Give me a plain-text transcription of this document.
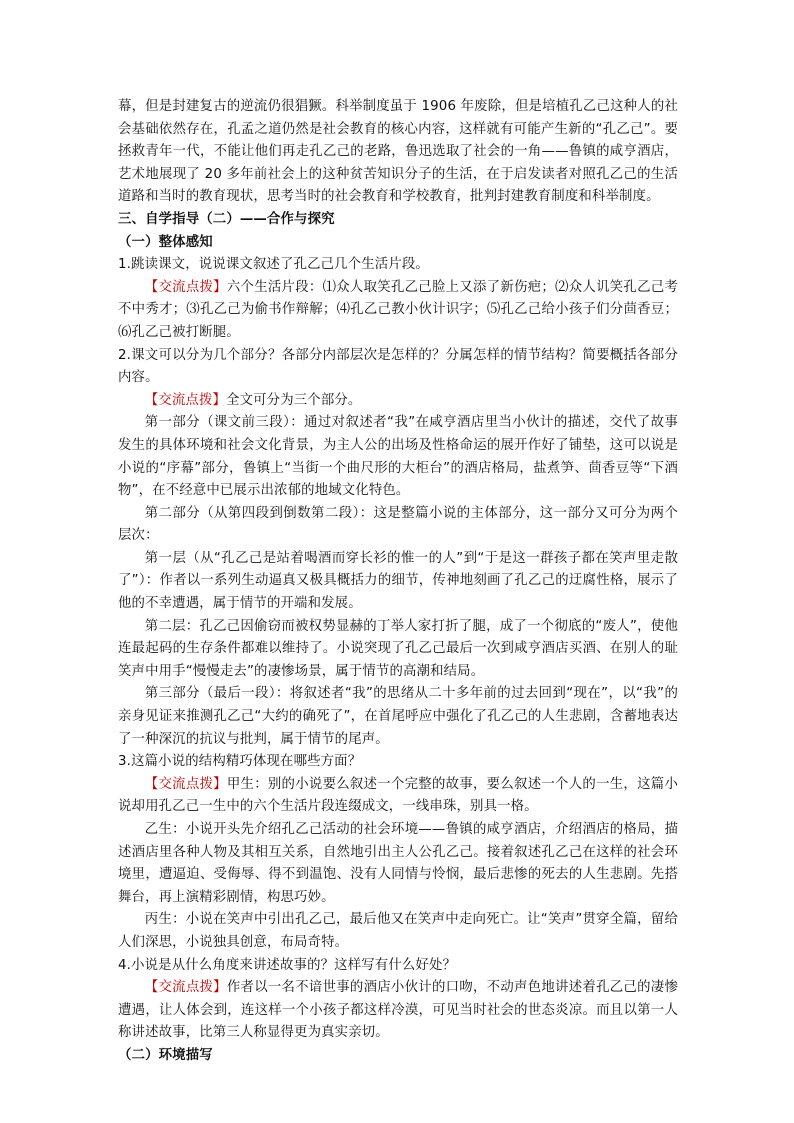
幕，但是封建复古的逆流仍很猖獗。科举制度虽于 1906 年废除，但是培植孔乙己这种人的社会基础依然存在，孔孟之道仍然是社会教育的核心内容，这样就有可能产生新的“孔乙己”。要拯救青年一代，不能让他们再走孔乙己的老路，鲁迅选取了社会的一角——鲁镇的咸亨酒店，艺术地展现了 20 多年前社会上的这种贫苦知识分子的生活，在于启发读者对照孔乙己的生活道路和当时的教育现状，思考当时的社会教育和学校教育，批判封建教育制度和科举制度。

三、自学指导（二）——合作与探究

（一）整体感知

1.跳读课文，说说课文叙述了孔乙己几个生活片段。

【交流点拨】六个生活片段：⑴众人取笑孔乙己脸上又添了新伤疤；⑵众人讥笑孔乙己考不中秀才；⑶孔乙己为偷书作辩解；⑷孔乙己教小伙计识字；⑸孔乙己给小孩子们分茴香豆；⑹孔乙己被打断腿。

2.课文可以分为几个部分？各部分内部层次是怎样的？分属怎样的情节结构？简要概括各部分内容。

【交流点拨】全文可分为三个部分。

第一部分（课文前三段）：通过对叙述者“我”在咸亨酒店里当小伙计的描述，交代了故事发生的具体环境和社会文化背景，为主人公的出场及性格命运的展开作好了铺垫，这可以说是小说的“序幕”部分，鲁镇上“当街一个曲尺形的大柜台”的酒店格局，盐煮笋、茴香豆等“下酒物”，在不经意中已展示出浓郁的地域文化特色。

第二部分（从第四段到倒数第二段）：这是整篇小说的主体部分，这一部分又可分为两个层次：

第一层（从“孔乙己是站着喝酒而穿长衫的惟一的人”到“于是这一群孩子都在笑声里走散了”）：作者以一系列生动逼真又极具概括力的细节，传神地刻画了孔乙己的迂腐性格，展示了他的不幸遭遇，属于情节的开端和发展。

第二层：孔乙己因偷窃而被权势显赫的丁举人家打折了腿，成了一个彻底的“废人”，使他连最起码的生存条件都难以维持了。小说突现了孔乙己最后一次到咸亨酒店买酒、在别人的耻笑声中用手“慢慢走去”的凄惨场景，属于情节的高潮和结局。

第三部分（最后一段）：将叙述者“我”的思绪从二十多年前的过去回到“现在”，以“我”的亲身见证来推测孔乙己“大约的确死了”，在首尾呼应中强化了孔乙己的人生悲剧，含蓄地表达了一种深沉的抗议与批判，属于情节的尾声。

3.这篇小说的结构精巧体现在哪些方面？

【交流点拨】甲生：别的小说要么叙述一个完整的故事，要么叙述一个人的一生，这篇小说却用孔乙己一生中的六个生活片段连缀成文，一线串珠，别具一格。

乙生：小说开头先介绍孔乙己活动的社会环境——鲁镇的咸亨酒店，介绍酒店的格局，描述酒店里各种人物及其相互关系，自然地引出主人公孔乙己。接着叙述孔乙己在这样的社会环境里，遭逼迫、受侮辱、得不到温饱、没有人同情与怜悯，最后悲惨的死去的人生悲剧。先搭舞台，再上演精彩剧情，构思巧妙。

丙生：小说在笑声中引出孔乙己，最后他又在笑声中走向死亡。让“笑声”贯穿全篇，留给人们深思，小说独具创意，布局奇特。

4.小说是从什么角度来讲述故事的？这样写有什么好处？

【交流点拨】作者以一名不谙世事的酒店小伙计的口吻，不动声色地讲述着孔乙己的凄惨遭遇，让人体会到，连这样一个小孩子都这样冷漠，可见当时社会的世态炎凉。而且以第一人称讲述故事，比第三人称显得更为真实亲切。

（二）环境描写
